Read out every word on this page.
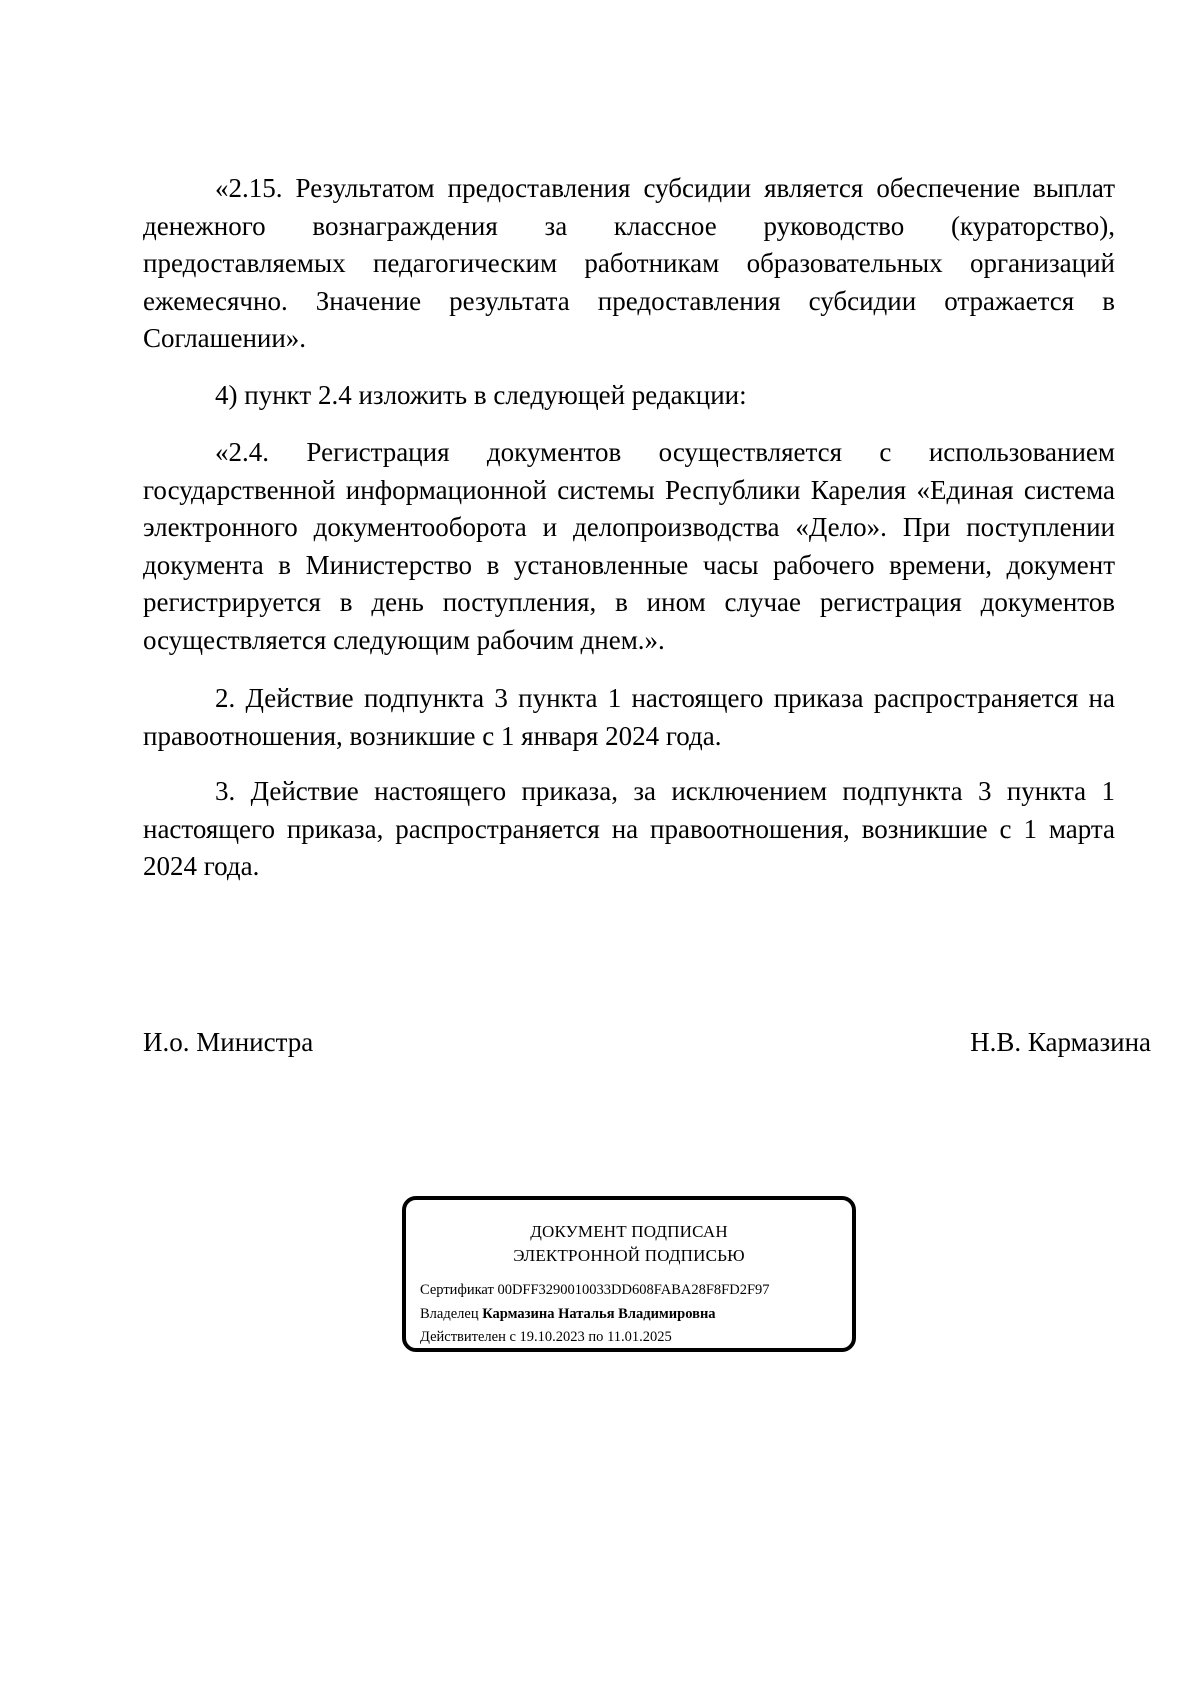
«2.15. Результатом предоставления субсидии является обеспечение выплат денежного вознаграждения за классное руководство (кураторство), предоставляемых педагогическим работникам образовательных организаций ежемесячно. Значение результата предоставления субсидии отражается в Соглашении».

4) пункт 2.4 изложить в следующей редакции:

«2.4. Регистрация документов осуществляется с использованием государственной информационной системы Республики Карелия «Единая система электронного документооборота и делопроизводства «Дело». При поступлении документа в Министерство в установленные часы рабочего времени, документ регистрируется в день поступления, в ином случае регистрация документов осуществляется следующим рабочим днем.».

2. Действие подпункта 3 пункта 1 настоящего приказа распространяется на правоотношения, возникшие с 1 января 2024 года.

3. Действие настоящего приказа, за исключением подпункта 3 пункта 1 настоящего приказа, распространяется на правоотношения, возникшие с 1 марта 2024 года.

И.о. Министра	Н.В. Кармазина
ДОКУМЕНТ ПОДПИСАН
ЭЛЕКТРОННОЙ ПОДПИСЬЮ
Сертификат 00DFF3290010033DD608FABA28F8FD2F97
Владелец Кармазина Наталья Владимировна
Действителен с 19.10.2023 по 11.01.2025
